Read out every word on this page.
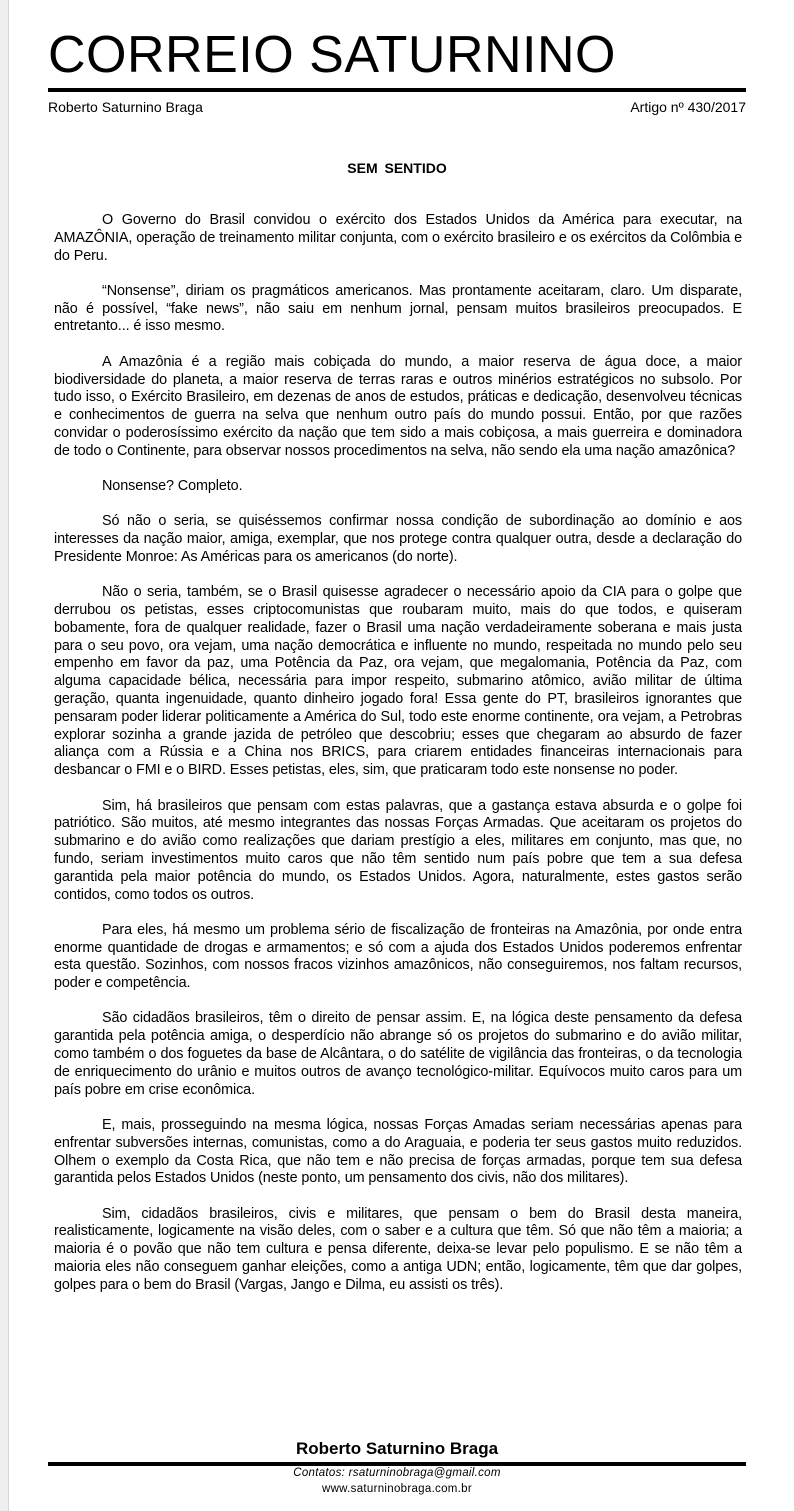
CORREIO SATURNINO
Roberto Saturnino Braga	Artigo nº 430/2017
SEM SENTIDO

O Governo do Brasil convidou o exército dos Estados Unidos da América para executar, na AMAZÔNIA, operação de treinamento militar conjunta, com o exército brasileiro e os exércitos da Colômbia e do Peru.

“Nonsense”, diriam os pragmáticos americanos. Mas prontamente aceitaram, claro. Um disparate, não é possível, “fake news”, não saiu em nenhum jornal, pensam muitos brasileiros preocupados. E entretanto... é isso mesmo.

A Amazônia é a região mais cobiçada do mundo, a maior reserva de água doce, a maior biodiversidade do planeta, a maior reserva de terras raras e outros minérios estratégicos no subsolo. Por tudo isso, o Exército Brasileiro, em dezenas de anos de estudos, práticas e dedicação, desenvolveu técnicas e conhecimentos de guerra na selva que nenhum outro país do mundo possui. Então, por que razões convidar o poderosíssimo exército da nação que tem sido a mais cobiçosa, a mais guerreira e dominadora de todo o Continente, para observar nossos procedimentos na selva, não sendo ela uma nação amazônica?

Nonsense? Completo.

Só não o seria, se quiséssemos confirmar nossa condição de subordinação ao domínio e aos interesses da nação maior, amiga, exemplar, que nos protege contra qualquer outra, desde a declaração do Presidente Monroe: As Américas para os americanos (do norte).

Não o seria, também, se o Brasil quisesse agradecer o necessário apoio da CIA para o golpe que derrubou os petistas, esses criptocomunistas que roubaram muito, mais do que todos, e quiseram bobamente, fora de qualquer realidade, fazer o Brasil uma nação verdadeiramente soberana e mais justa para o seu povo, ora vejam, uma nação democrática e influente no mundo, respeitada no mundo pelo seu empenho em favor da paz, uma Potência da Paz, ora vejam, que megalomania, Potência da Paz, com alguma capacidade bélica, necessária para impor respeito, submarino atômico, avião militar de última geração, quanta ingenuidade, quanto dinheiro jogado fora! Essa gente do PT, brasileiros ignorantes que pensaram poder liderar politicamente a América do Sul, todo este enorme continente, ora vejam, a Petrobras explorar sozinha a grande jazida de petróleo que descobriu; esses que chegaram ao absurdo de fazer aliança com a Rússia e a China nos BRICS, para criarem entidades financeiras internacionais para desbancar o FMI e o BIRD. Esses petistas, eles, sim, que praticaram todo este nonsense no poder.

Sim, há brasileiros que pensam com estas palavras, que a gastança estava absurda e o golpe foi patriótico. São muitos, até mesmo integrantes das nossas Forças Armadas. Que aceitaram os projetos do submarino e do avião como realizações que dariam prestígio a eles, militares em conjunto, mas que, no fundo, seriam investimentos muito caros que não têm sentido num país pobre que tem a sua defesa garantida pela maior potência do mundo, os Estados Unidos. Agora, naturalmente, estes gastos serão contidos, como todos os outros.

Para eles, há mesmo um problema sério de fiscalização de fronteiras na Amazônia, por onde entra enorme quantidade de drogas e armamentos; e só com a ajuda dos Estados Unidos poderemos enfrentar esta questão. Sozinhos, com nossos fracos vizinhos amazônicos, não conseguiremos, nos faltam recursos, poder e competência.

São cidadãos brasileiros, têm o direito de pensar assim. E, na lógica deste pensamento da defesa garantida pela potência amiga, o desperdício não abrange só os projetos do submarino e do avião militar, como também o dos foguetes da base de Alcântara, o do satélite de vigilância das fronteiras, o da tecnologia de enriquecimento do urânio e muitos outros de avanço tecnológico-militar. Equívocos muito caros para um país pobre em crise econômica.

E, mais, prosseguindo na mesma lógica, nossas Forças Amadas seriam necessárias apenas para enfrentar subversões internas, comunistas, como a do Araguaia, e poderia ter seus gastos muito reduzidos. Olhem o exemplo da Costa Rica, que não tem e não precisa de forças armadas, porque tem sua defesa garantida pelos Estados Unidos (neste ponto, um pensamento dos civis, não dos militares).

Sim, cidadãos brasileiros, civis e militares, que pensam o bem do Brasil desta maneira, realisticamente, logicamente na visão deles, com o saber e a cultura que têm. Só que não têm a maioria; a maioria é o povão que não tem cultura e pensa diferente, deixa-se levar pelo populismo. E se não têm a maioria eles não conseguem ganhar eleições, como a antiga UDN; então, logicamente, têm que dar golpes, golpes para o bem do Brasil (Vargas, Jango e Dilma, eu assisti os três).

Roberto Saturnino Braga
Contatos: rsaturninobraga@gmail.com
www.saturninobraga.com.br
